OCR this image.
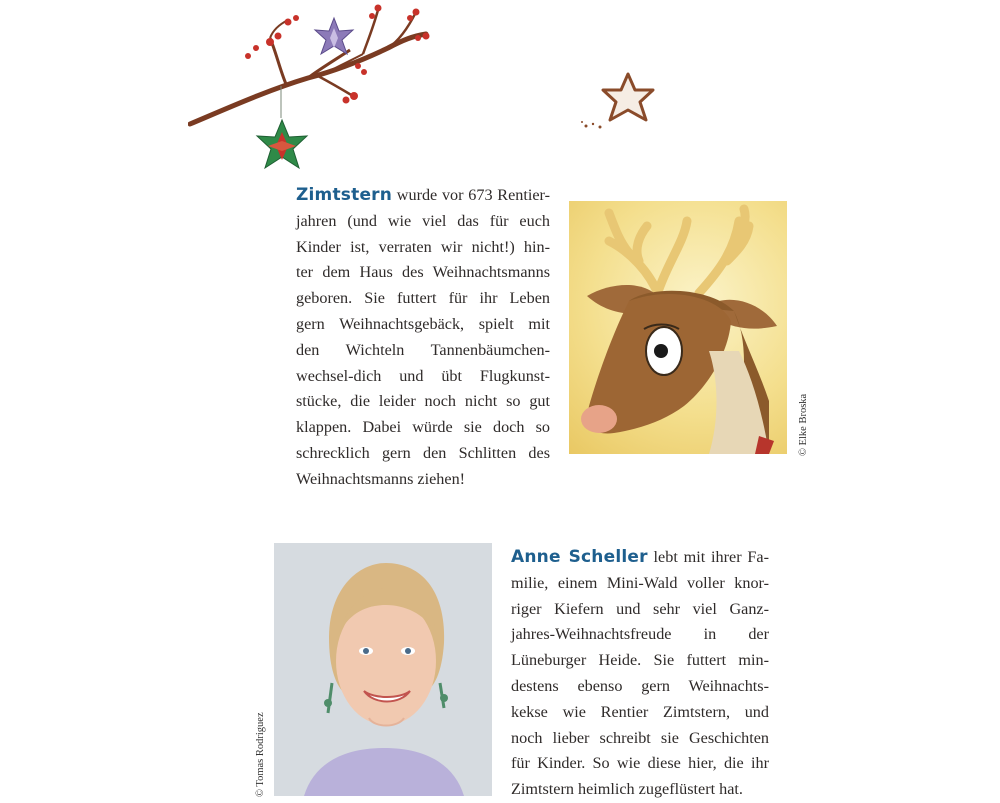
Zimtstern wurde vor 673 Rentier-
jahren (und wie viel das für euch
Kinder ist, verraten wir nicht!) hin-
ter dem Haus des Weihnachtsmanns
geboren. Sie futtert für ihr Leben
gern Weihnachtsgebäck, spielt mit
den Wichteln Tannenbäumchen-
wechsel-dich und übt Flugkunst-
stücke, die leider noch nicht so gut
klappen. Dabei würde sie doch so
schrecklich gern den Schlitten des
Weihnachtsmanns ziehen!
© Elke Broska
© Tomas Rodriguez
Anne Scheller lebt mit ihrer Fa-
milie, einem Mini-Wald voller knor-
riger Kiefern und sehr viel Ganz-
jahres-Weihnachtsfreude in der
Lüneburger Heide. Sie futtert min-
destens ebenso gern Weihnachts-
kekse wie Rentier Zimtstern, und
noch lieber schreibt sie Geschichten
für Kinder. So wie diese hier, die ihr
Zimtstern heimlich zugeflüstert hat.
